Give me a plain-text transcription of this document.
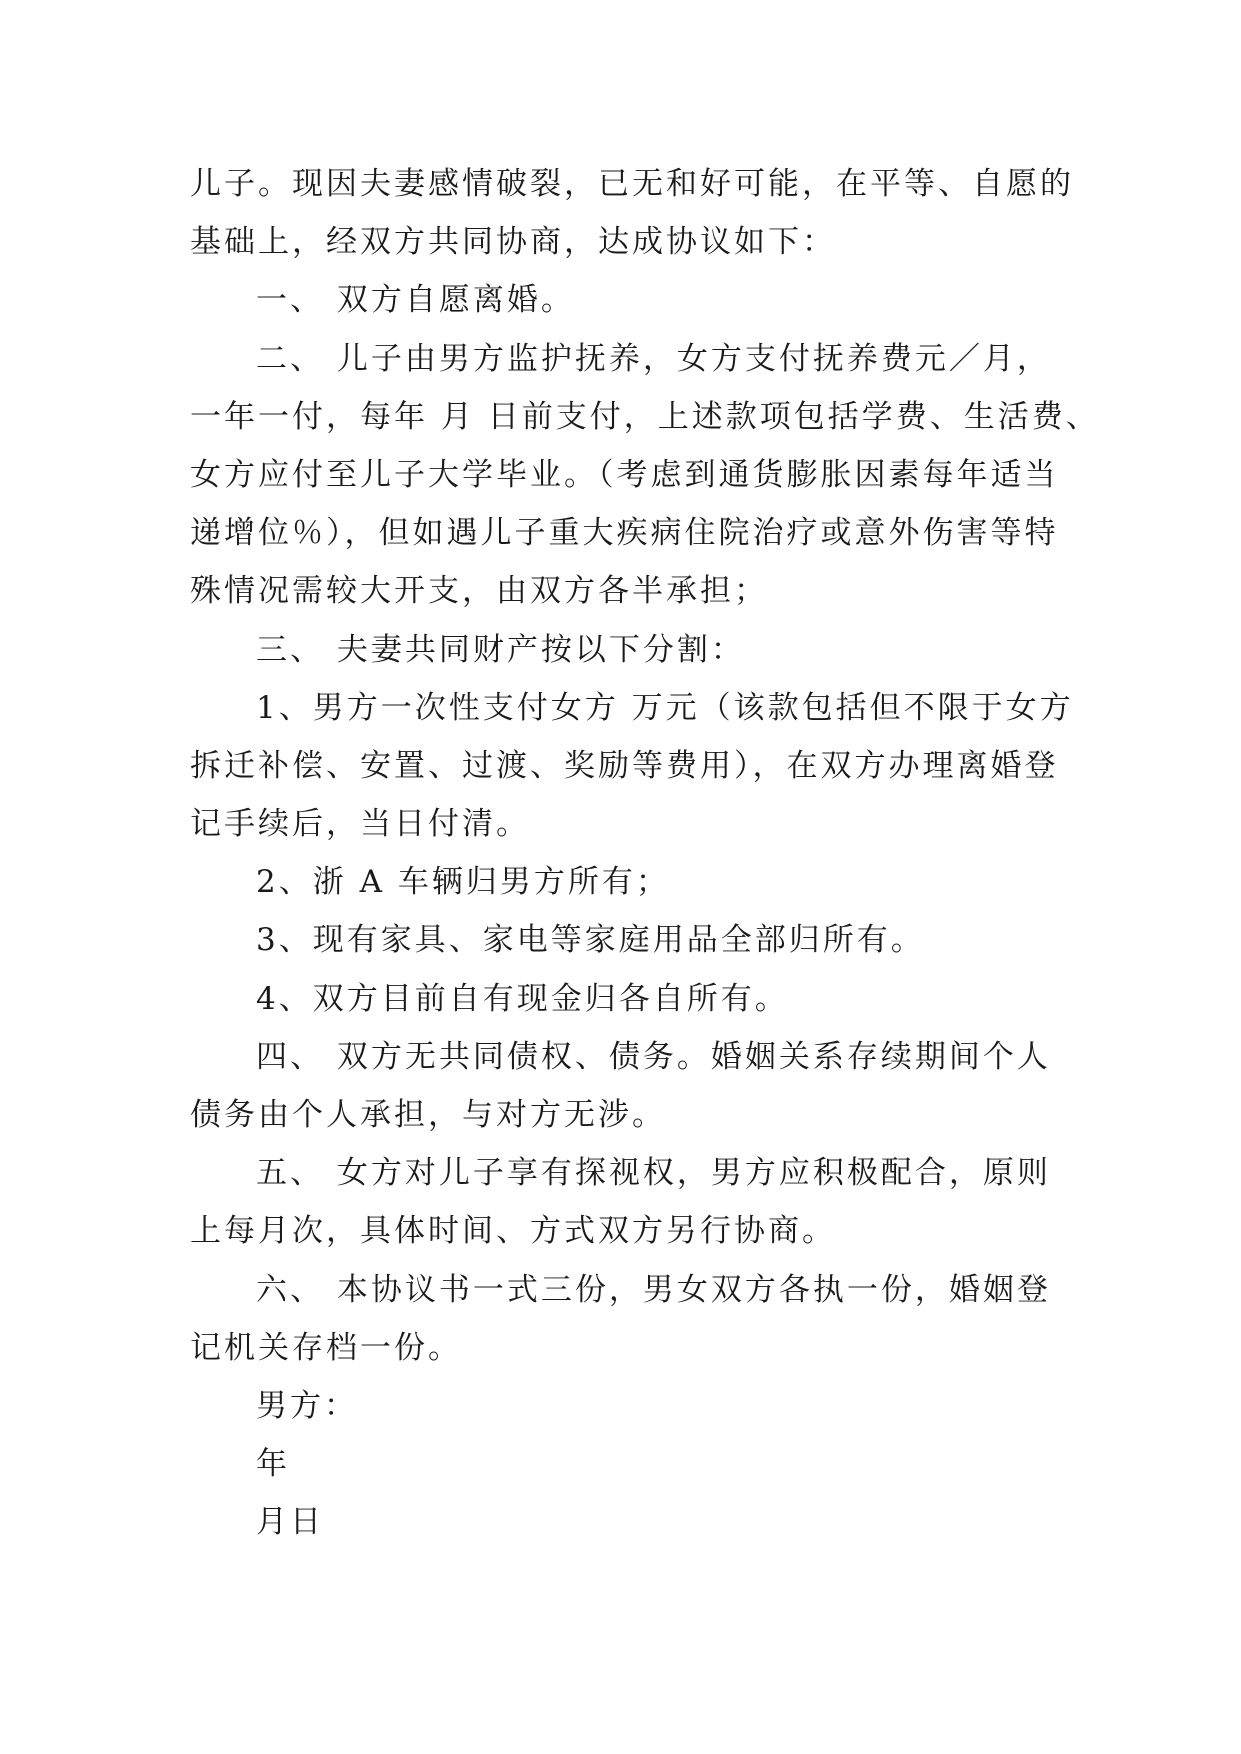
儿子。现因夫妻感情破裂，已无和好可能，在平等、自愿的
基础上，经双方共同协商，达成协议如下：
一、 双方自愿离婚。
二、 儿子由男方监护抚养，女方支付抚养费元／月，
一年一付，每年 月 日前支付，上述款项包括学费、生活费、
女方应付至儿子大学毕业。（考虑到通货膨胀因素每年适当
递增位％），但如遇儿子重大疾病住院治疗或意外伤害等特
殊情况需较大开支，由双方各半承担；
三、 夫妻共同财产按以下分割：
1、男方一次性支付女方 万元（该款包括但不限于女方
拆迁补偿、安置、过渡、奖励等费用），在双方办理离婚登
记手续后，当日付清。
2、浙 A 车辆归男方所有；
3、现有家具、家电等家庭用品全部归所有。
4、双方目前自有现金归各自所有。
四、 双方无共同债权、债务。婚姻关系存续期间个人
债务由个人承担，与对方无涉。
五、 女方对儿子享有探视权，男方应积极配合，原则
上每月次，具体时间、方式双方另行协商。
六、 本协议书一式三份，男女双方各执一份，婚姻登
记机关存档一份。
男方：
年
月日
